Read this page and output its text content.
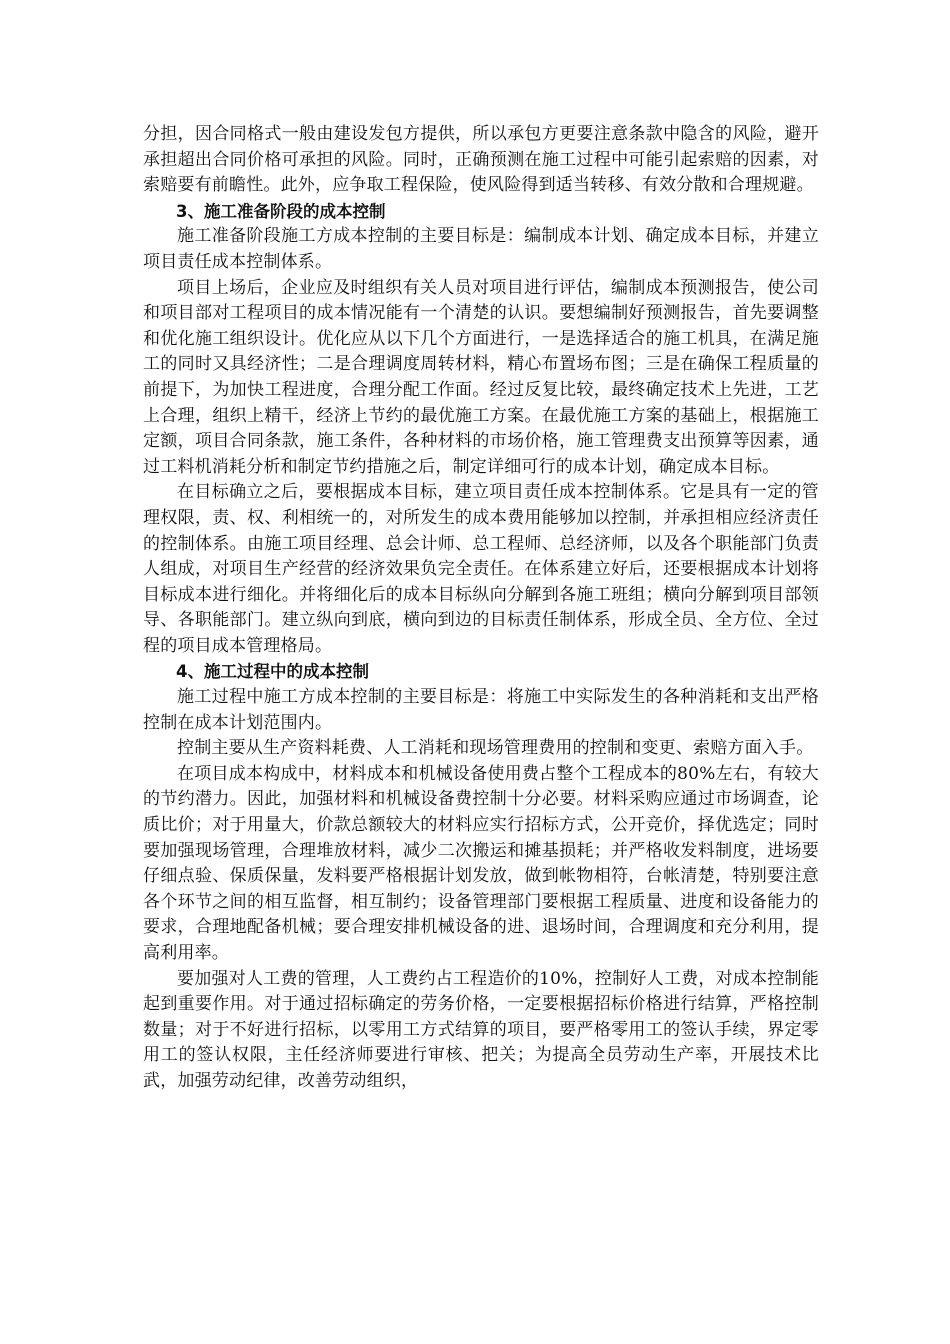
分担，因合同格式一般由建设发包方提供，所以承包方更要注意条款中隐含的风险，避开承担超出合同价格可承担的风险。同时，正确预测在施工过程中可能引起索赔的因素，对索赔要有前瞻性。此外，应争取工程保险，使风险得到适当转移、有效分散和合理规避。

3、施工准备阶段的成本控制

施工准备阶段施工方成本控制的主要目标是：编制成本计划、确定成本目标，并建立项目责任成本控制体系。

项目上场后，企业应及时组织有关人员对项目进行评估，编制成本预测报告，使公司和项目部对工程项目的成本情况能有一个清楚的认识。要想编制好预测报告，首先要调整和优化施工组织设计。优化应从以下几个方面进行，一是选择适合的施工机具，在满足施工的同时又具经济性；二是合理调度周转材料，精心布置场布图；三是在确保工程质量的前提下，为加快工程进度，合理分配工作面。经过反复比较，最终确定技术上先进，工艺上合理，组织上精干，经济上节约的最优施工方案。在最优施工方案的基础上，根据施工定额，项目合同条款，施工条件，各种材料的市场价格，施工管理费支出预算等因素，通过工料机消耗分析和制定节约措施之后，制定详细可行的成本计划，确定成本目标。

在目标确立之后，要根据成本目标，建立项目责任成本控制体系。它是具有一定的管理权限，责、权、利相统一的，对所发生的成本费用能够加以控制，并承担相应经济责任的控制体系。由施工项目经理、总会计师、总工程师、总经济师，以及各个职能部门负责人组成，对项目生产经营的经济效果负完全责任。在体系建立好后，还要根据成本计划将目标成本进行细化。并将细化后的成本目标纵向分解到各施工班组；横向分解到项目部领导、各职能部门。建立纵向到底，横向到边的目标责任制体系，形成全员、全方位、全过程的项目成本管理格局。

4、施工过程中的成本控制

施工过程中施工方成本控制的主要目标是：将施工中实际发生的各种消耗和支出严格控制在成本计划范围内。

控制主要从生产资料耗费、人工消耗和现场管理费用的控制和变更、索赔方面入手。

在项目成本构成中，材料成本和机械设备使用费占整个工程成本的80%左右，有较大的节约潜力。因此，加强材料和机械设备费控制十分必要。材料采购应通过市场调查，论质比价；对于用量大，价款总额较大的材料应实行招标方式，公开竞价，择优选定；同时要加强现场管理，合理堆放材料，减少二次搬运和摊基损耗；并严格收发料制度，进场要仔细点验、保质保量，发料要严格根据计划发放，做到帐物相符，台帐清楚，特别要注意各个环节之间的相互监督，相互制约；设备管理部门要根据工程质量、进度和设备能力的要求，合理地配备机械；要合理安排机械设备的进、退场时间，合理调度和充分利用，提高利用率。

要加强对人工费的管理，人工费约占工程造价的10%，控制好人工费，对成本控制能起到重要作用。对于通过招标确定的劳务价格，一定要根据招标价格进行结算，严格控制数量；对于不好进行招标，以零用工方式结算的项目，要严格零用工的签认手续，界定零用工的签认权限，主任经济师要进行审核、把关；为提高全员劳动生产率，开展技术比武，加强劳动纪律，改善劳动组织，
